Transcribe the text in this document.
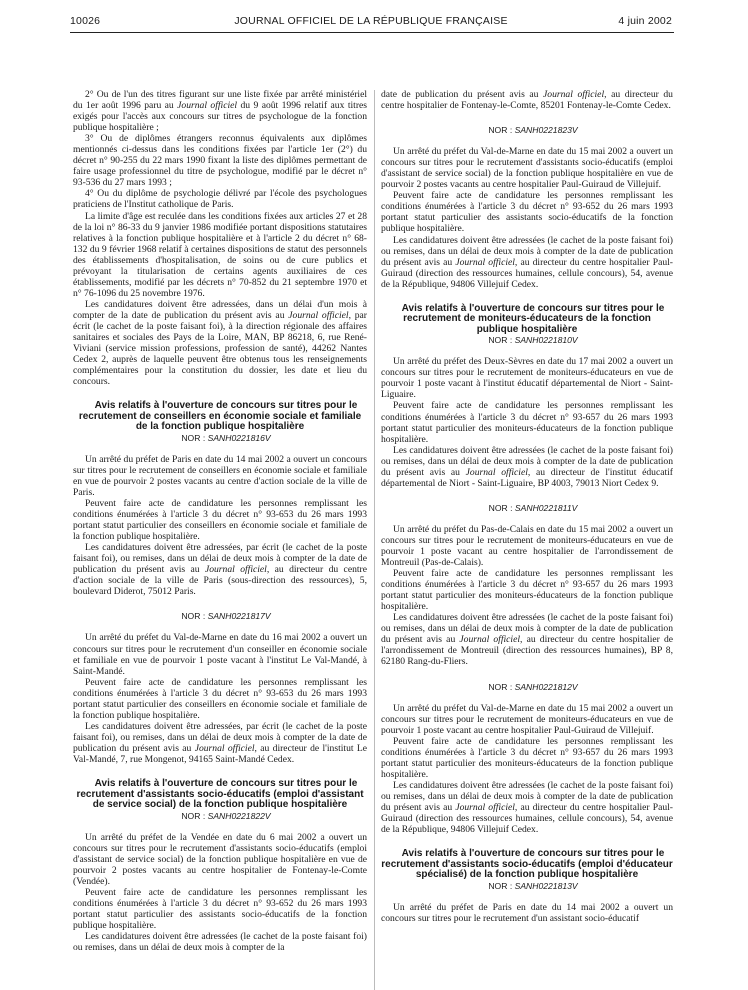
10026	JOURNAL OFFICIEL DE LA RÉPUBLIQUE FRANÇAISE	4 juin 2002

2° Ou de l'un des titres figurant sur une liste fixée par arrêté ministériel du 1er août 1996 paru au Journal officiel du 9 août 1996 relatif aux titres exigés pour l'accès aux concours sur titres de psychologue de la fonction publique hospitalière ;

3° Ou de diplômes étrangers reconnus équivalents aux diplômes mentionnés ci-dessus dans les conditions fixées par l'article 1er (2°) du décret n° 90-255 du 22 mars 1990 fixant la liste des diplômes permettant de faire usage professionnel du titre de psychologue, modifié par le décret n° 93-536 du 27 mars 1993 ;

4° Ou du diplôme de psychologie délivré par l'école des psychologues praticiens de l'Institut catholique de Paris.

La limite d'âge est reculée dans les conditions fixées aux articles 27 et 28 de la loi n° 86-33 du 9 janvier 1986 modifiée portant dispositions statutaires relatives à la fonction publique hospitalière et à l'article 2 du décret n° 68-132 du 9 février 1968 relatif à certaines dispositions de statut des personnels des établissements d'hospitalisation, de soins ou de cure publics et prévoyant la titularisation de certains agents auxiliaires de ces établissements, modifié par les décrets n° 70-852 du 21 septembre 1970 et n° 76-1096 du 25 novembre 1976.

Les candidatures doivent être adressées, dans un délai d'un mois à compter de la date de publication du présent avis au Journal officiel, par écrit (le cachet de la poste faisant foi), à la direction régionale des affaires sanitaires et sociales des Pays de la Loire, MAN, BP 86218, 6, rue René-Viviani (service mission professions, profession de santé), 44262 Nantes Cedex 2, auprès de laquelle peuvent être obtenus tous les renseignements complémentaires pour la constitution du dossier, les date et lieu du concours.

Avis relatifs à l'ouverture de concours sur titres pour le recrutement de conseillers en économie sociale et familiale de la fonction publique hospitalière

NOR : SANH0221816V

Un arrêté du préfet de Paris en date du 14 mai 2002 a ouvert un concours sur titres pour le recrutement de conseillers en économie sociale et familiale en vue de pourvoir 2 postes vacants au centre d'action sociale de la ville de Paris.

Peuvent faire acte de candidature les personnes remplissant les conditions énumérées à l'article 3 du décret n° 93-653 du 26 mars 1993 portant statut particulier des conseillers en économie sociale et familiale de la fonction publique hospitalière.

Les candidatures doivent être adressées, par écrit (le cachet de la poste faisant foi), ou remises, dans un délai de deux mois à compter de la date de publication du présent avis au Journal officiel, au directeur du centre d'action sociale de la ville de Paris (sous-direction des ressources), 5, boulevard Diderot, 75012 Paris.

NOR : SANH0221817V

Un arrêté du préfet du Val-de-Marne en date du 16 mai 2002 a ouvert un concours sur titres pour le recrutement d'un conseiller en économie sociale et familiale en vue de pourvoir 1 poste vacant à l'institut Le Val-Mandé, à Saint-Mandé.

Peuvent faire acte de candidature les personnes remplissant les conditions énumérées à l'article 3 du décret n° 93-653 du 26 mars 1993 portant statut particulier des conseillers en économie sociale et familiale de la fonction publique hospitalière.

Les candidatures doivent être adressées, par écrit (le cachet de la poste faisant foi), ou remises, dans un délai de deux mois à compter de la date de publication du présent avis au Journal officiel, au directeur de l'institut Le Val-Mandé, 7, rue Mongenot, 94165 Saint-Mandé Cedex.

Avis relatifs à l'ouverture de concours sur titres pour le recrutement d'assistants socio-éducatifs (emploi d'assistant de service social) de la fonction publique hospitalière

NOR : SANH0221822V

Un arrêté du préfet de la Vendée en date du 6 mai 2002 a ouvert un concours sur titres pour le recrutement d'assistants socio-éducatifs (emploi d'assistant de service social) de la fonction publique hospitalière en vue de pourvoir 2 postes vacants au centre hospitalier de Fontenay-le-Comte (Vendée).

Peuvent faire acte de candidature les personnes remplissant les conditions énumérées à l'article 3 du décret n° 93-652 du 26 mars 1993 portant statut particulier des assistants socio-éducatifs de la fonction publique hospitalière.

Les candidatures doivent être adressées (le cachet de la poste faisant foi) ou remises, dans un délai de deux mois à compter de la

date de publication du présent avis au Journal officiel, au directeur du centre hospitalier de Fontenay-le-Comte, 85201 Fontenay-le-Comte Cedex.

NOR : SANH0221823V

Un arrêté du préfet du Val-de-Marne en date du 15 mai 2002 a ouvert un concours sur titres pour le recrutement d'assistants socio-éducatifs (emploi d'assistant de service social) de la fonction publique hospitalière en vue de pourvoir 2 postes vacants au centre hospitalier Paul-Guiraud de Villejuif.

Peuvent faire acte de candidature les personnes remplissant les conditions énumérées à l'article 3 du décret n° 93-652 du 26 mars 1993 portant statut particulier des assistants socio-éducatifs de la fonction publique hospitalière.

Les candidatures doivent être adressées (le cachet de la poste faisant foi) ou remises, dans un délai de deux mois à compter de la date de publication du présent avis au Journal officiel, au directeur du centre hospitalier Paul-Guiraud (direction des ressources humaines, cellule concours), 54, avenue de la République, 94806 Villejuif Cedex.

Avis relatifs à l'ouverture de concours sur titres pour le recrutement de moniteurs-éducateurs de la fonction publique hospitalière

NOR : SANH0221810V

Un arrêté du préfet des Deux-Sèvres en date du 17 mai 2002 a ouvert un concours sur titres pour le recrutement de moniteurs-éducateurs en vue de pourvoir 1 poste vacant à l'institut éducatif départemental de Niort - Saint-Liguaire.

Peuvent faire acte de candidature les personnes remplissant les conditions énumérées à l'article 3 du décret n° 93-657 du 26 mars 1993 portant statut particulier des moniteurs-éducateurs de la fonction publique hospitalière.

Les candidatures doivent être adressées (le cachet de la poste faisant foi) ou remises, dans un délai de deux mois à compter de la date de publication du présent avis au Journal officiel, au directeur de l'institut éducatif départemental de Niort - Saint-Liguaire, BP 4003, 79013 Niort Cedex 9.

NOR : SANH0221811V

Un arrêté du préfet du Pas-de-Calais en date du 15 mai 2002 a ouvert un concours sur titres pour le recrutement de moniteurs-éducateurs en vue de pourvoir 1 poste vacant au centre hospitalier de l'arrondissement de Montreuil (Pas-de-Calais).

Peuvent faire acte de candidature les personnes remplissant les conditions énumérées à l'article 3 du décret n° 93-657 du 26 mars 1993 portant statut particulier des moniteurs-éducateurs de la fonction publique hospitalière.

Les candidatures doivent être adressées (le cachet de la poste faisant foi) ou remises, dans un délai de deux mois à compter de la date de publication du présent avis au Journal officiel, au directeur du centre hospitalier de l'arrondissement de Montreuil (direction des ressources humaines), BP 8, 62180 Rang-du-Fliers.

NOR : SANH0221812V

Un arrêté du préfet du Val-de-Marne en date du 15 mai 2002 a ouvert un concours sur titres pour le recrutement de moniteurs-éducateurs en vue de pourvoir 1 poste vacant au centre hospitalier Paul-Guiraud de Villejuif.

Peuvent faire acte de candidature les personnes remplissant les conditions énumérées à l'article 3 du décret n° 93-657 du 26 mars 1993 portant statut particulier des moniteurs-éducateurs de la fonction publique hospitalière.

Les candidatures doivent être adressées (le cachet de la poste faisant foi) ou remises, dans un délai de deux mois à compter de la date de publication du présent avis au Journal officiel, au directeur du centre hospitalier Paul-Guiraud (direction des ressources humaines, cellule concours), 54, avenue de la République, 94806 Villejuif Cedex.

Avis relatifs à l'ouverture de concours sur titres pour le recrutement d'assistants socio-éducatifs (emploi d'éducateur spécialisé) de la fonction publique hospitalière

NOR : SANH0221813V

Un arrêté du préfet de Paris en date du 14 mai 2002 a ouvert un concours sur titres pour le recrutement d'un assistant socio-éducatif
